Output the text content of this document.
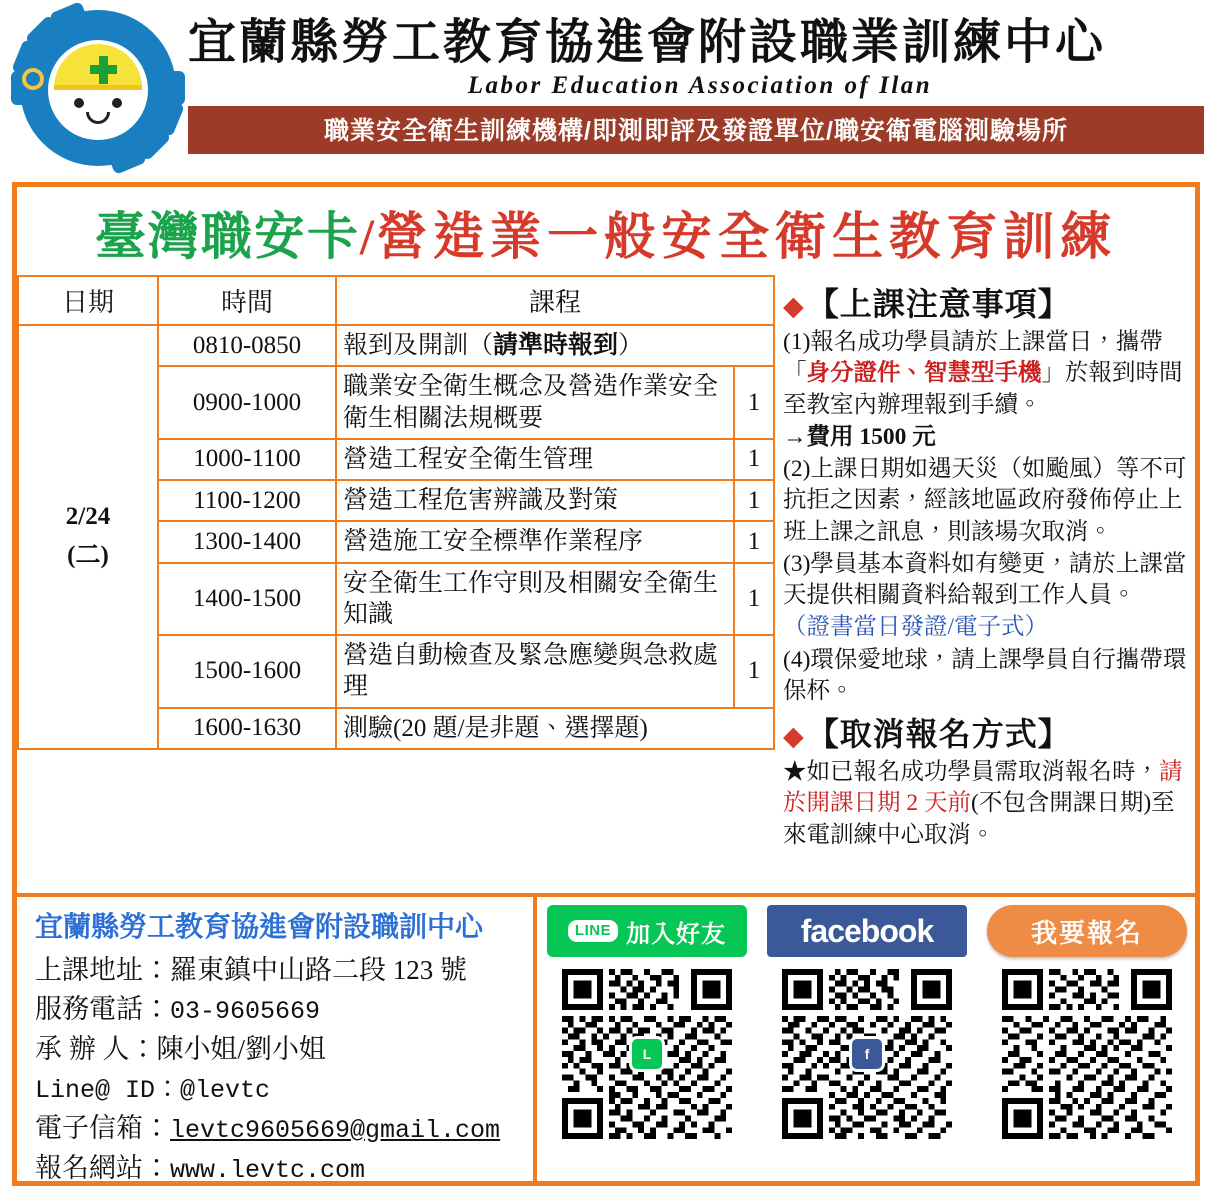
宜蘭縣勞工教育協進會附設職業訓練中心
Labor Education Association of Ilan
職業安全衛生訓練機構/即測即評及發證單位/職安衛電腦測驗場所
臺灣職安卡/營造業一般安全衛生教育訓練
日期	時間	課程	

2/24
(二)	0810-0850	報到及開訓（請準時報到）	
	0900-1000	職業安全衛生概念及營造作業安全衛生相關法規概要	1
	1000-1100	營造工程安全衛生管理	1
	1100-1200	營造工程危害辨識及對策	1
	1300-1400	營造施工安全標準作業程序	1
	1400-1500	安全衛生工作守則及相關安全衛生知識	1
	1500-1600	營造自動檢查及緊急應變與急救處理	1
	1600-1630	測驗(20 題/是非題、選擇題)	
◆【上課注意事項】

(1)報名成功學員請於上課當日，攜帶「身分證件、智慧型手機」於報到時間至教室內辦理報到手續。

→費用 1500 元

(2)上課日期如遇天災（如颱風）等不可抗拒之因素，經該地區政府發佈停止上班上課之訊息，則該場次取消。

(3)學員基本資料如有變更，請於上課當天提供相關資料給報到工作人員。

（證書當日發證/電子式）

(4)環保愛地球，請上課學員自行攜帶環保杯。

◆【取消報名方式】

★如已報名成功學員需取消報名時，請於開課日期 2 天前(不包含開課日期)至來電訓練中心取消。

宜蘭縣勞工教育協進會附設職訓中心
上課地址：羅東鎮中山路二段 123 號
服務電話：03-9605669
承 辦 人：陳小姐/劉小姐
Line@ ID：@levtc
電子信箱：levtc9605669@gmail.com
報名網站：www.levtc.com
LINE 加入好友
L
facebook
f
我要報名
